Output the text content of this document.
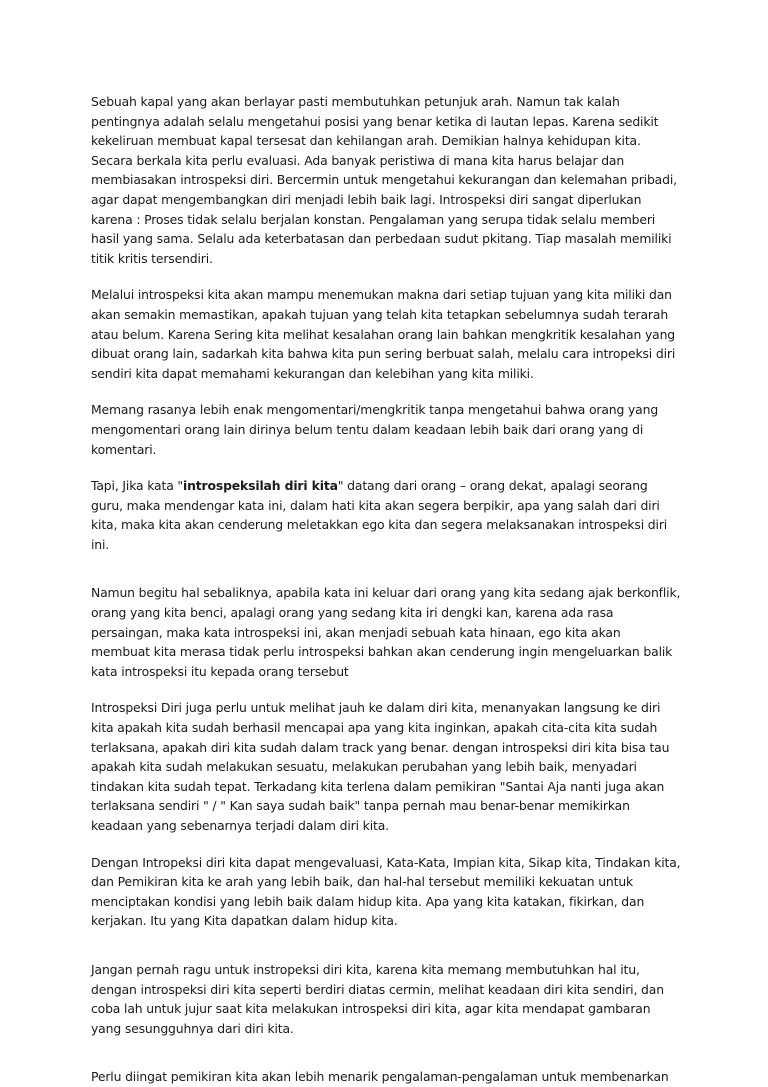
Sebuah kapal yang akan berlayar pasti membutuhkan petunjuk arah. Namun tak kalah pentingnya adalah selalu mengetahui posisi yang benar ketika di lautan lepas. Karena sedikit kekeliruan membuat kapal tersesat dan kehilangan arah. Demikian halnya kehidupan kita. Secara berkala kita perlu evaluasi. Ada banyak peristiwa di mana kita harus belajar dan membiasakan introspeksi diri. Bercermin untuk mengetahui kekurangan dan kelemahan pribadi, agar dapat mengembangkan diri menjadi lebih baik lagi. Introspeksi diri sangat diperlukan karena : Proses tidak selalu berjalan konstan. Pengalaman yang serupa tidak selalu memberi hasil yang sama. Selalu ada keterbatasan dan perbedaan sudut pkitang. Tiap masalah memiliki titik kritis tersendiri.

Melalui introspeksi kita akan mampu menemukan makna dari setiap tujuan yang kita miliki dan akan semakin memastikan, apakah tujuan yang telah kita tetapkan sebelumnya sudah terarah atau belum. Karena Sering kita melihat kesalahan orang lain bahkan mengkritik kesalahan yang dibuat orang lain, sadarkah kita bahwa kita pun sering berbuat salah, melalu cara intropeksi diri sendiri kita dapat memahami kekurangan dan kelebihan yang kita miliki.

Memang rasanya lebih enak mengomentari/mengkritik tanpa mengetahui bahwa orang yang mengomentari orang lain dirinya belum tentu dalam keadaan lebih baik dari orang yang di komentari.

Tapi, Jika kata "introspeksilah diri kita" datang dari orang – orang dekat, apalagi seorang guru, maka mendengar kata ini, dalam hati kita akan segera berpikir, apa yang salah dari diri kita, maka kita akan cenderung meletakkan ego kita dan segera melaksanakan introspeksi diri ini.

Namun begitu hal sebaliknya, apabila kata ini keluar dari orang yang kita sedang ajak berkonflik, orang yang kita benci, apalagi orang yang sedang kita iri dengki kan, karena ada rasa persaingan, maka kata introspeksi ini, akan menjadi sebuah kata hinaan, ego kita akan membuat kita merasa tidak perlu introspeksi bahkan akan cenderung ingin mengeluarkan balik kata introspeksi itu kepada orang tersebut

Introspeksi Diri juga perlu untuk melihat jauh ke dalam diri kita, menanyakan langsung ke diri kita apakah kita sudah berhasil mencapai apa yang kita inginkan, apakah cita-cita kita sudah terlaksana, apakah diri kita sudah dalam track yang benar. dengan introspeksi diri kita bisa tau apakah kita sudah melakukan sesuatu, melakukan perubahan yang lebih baik, menyadari tindakan kita sudah tepat. Terkadang kita terlena dalam pemikiran "Santai Aja nanti juga akan terlaksana sendiri " / " Kan saya sudah baik" tanpa pernah mau benar-benar memikirkan keadaan yang sebenarnya terjadi dalam diri kita.

Dengan Intropeksi diri kita dapat mengevaluasi, Kata-Kata, Impian kita, Sikap kita, Tindakan kita, dan Pemikiran kita ke arah yang lebih baik, dan hal-hal tersebut memiliki kekuatan untuk menciptakan kondisi yang lebih baik dalam hidup kita. Apa yang kita katakan, fikirkan, dan kerjakan. Itu yang Kita dapatkan dalam hidup kita.

Jangan pernah ragu untuk instropeksi diri kita, karena kita memang membutuhkan hal itu, dengan introspeksi diri kita seperti berdiri diatas cermin, melihat keadaan diri kita sendiri, dan coba lah untuk jujur saat kita melakukan introspeksi diri kita, agar kita mendapat gambaran yang sesungguhnya dari diri kita.

Perlu diingat pemikiran kita akan lebih menarik pengalaman-pengalaman untuk membenarkan
